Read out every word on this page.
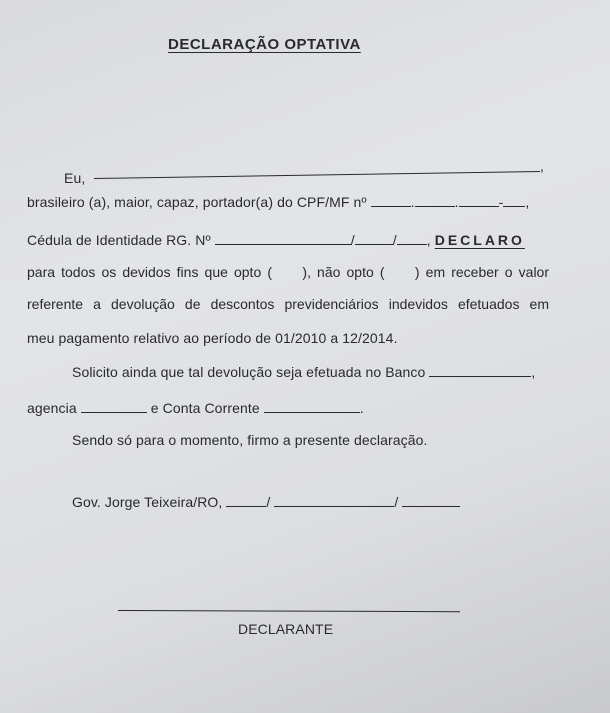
DECLARAÇÃO OPTATIVA
Eu,
,
brasileiro (a), maior, capaz, portador(a) do CPF/MF nº	.	.	- ,
Cédula de Identidade RG. Nº	/	/ , DECLARO
para todos os devidos fins que opto (     ), não opto (     ) em receber o valor
referente a devolução de descontos previdenciários indevidos efetuados em
meu pagamento relativo ao período de 01/2010 a 12/2014.
Solicito ainda que tal devolução seja efetuada no Banco	,
agencia	e Conta Corrente	.
Sendo só para o momento, firmo a presente declaração.
Gov. Jorge Teixeira/RO,	/	/
DECLARANTE
